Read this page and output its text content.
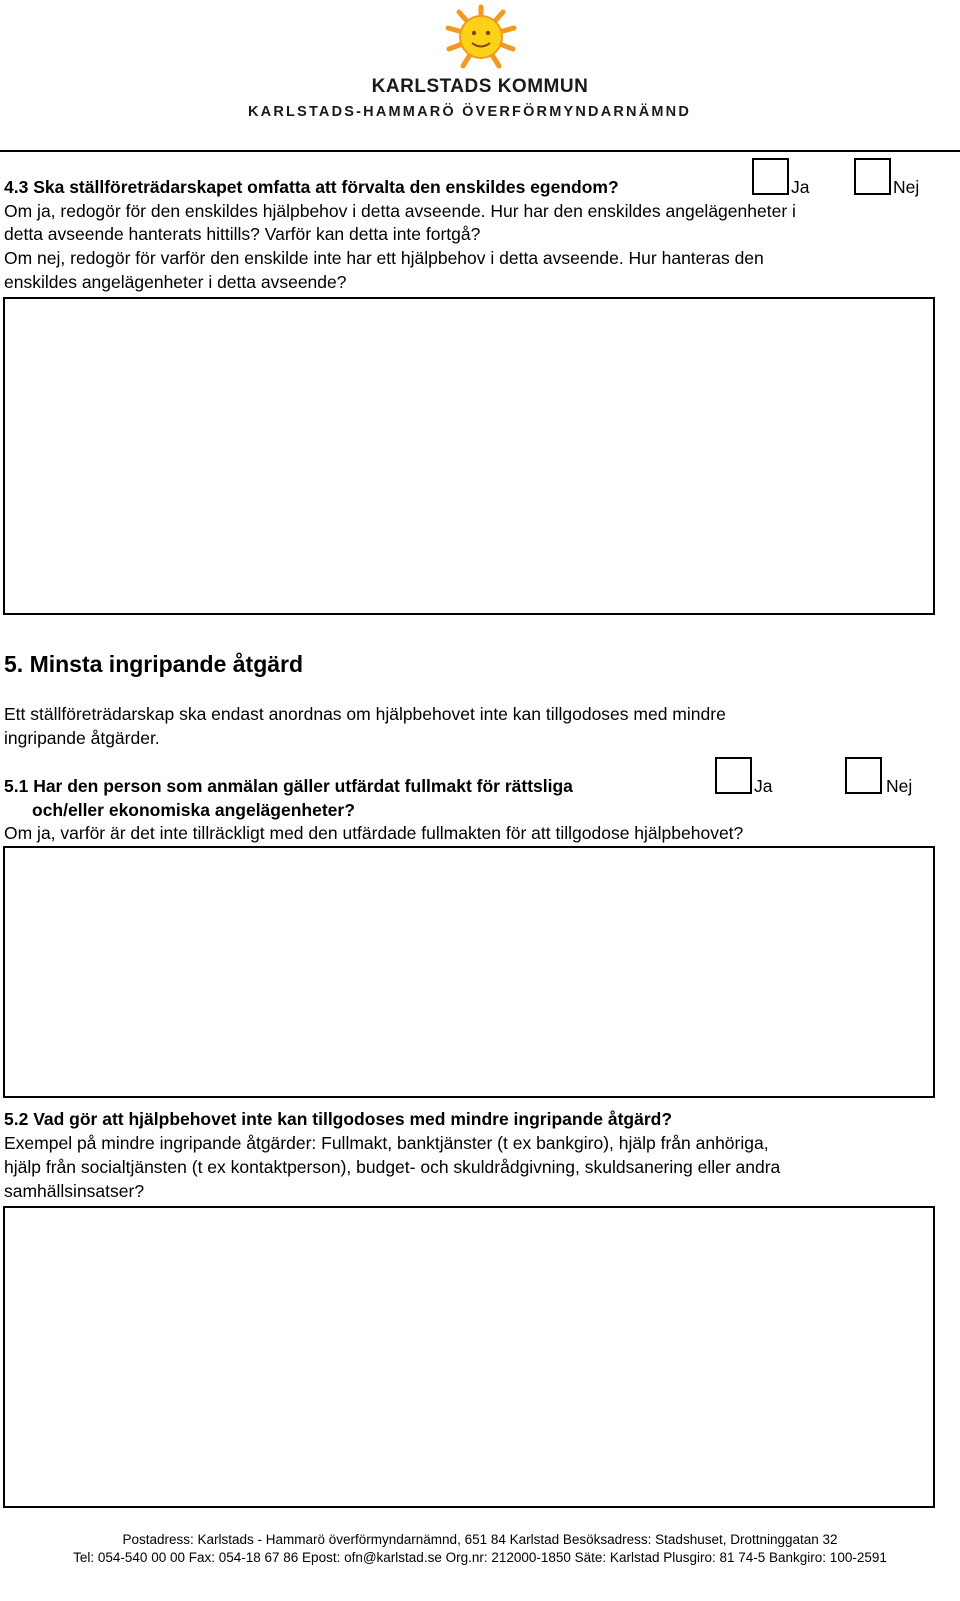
KARLSTADS KOMMUN
KARLSTADS-HAMMARÖ ÖVERFÖRMYNDARNÄMND
4.3 Ska ställföreträdarskapet omfatta att förvalta den enskildes egendom?	Ja	Nej
Om ja, redogör för den enskildes hjälpbehov i detta avseende. Hur har den enskildes angelägenheter i
detta avseende hanterats hittills? Varför kan detta inte fortgå?
Om nej, redogör för varför den enskilde inte har ett hjälpbehov i detta avseende. Hur hanteras den
enskildes angelägenheter i detta avseende?
5. Minsta ingripande åtgärd
Ett ställföreträdarskap ska endast anordnas om hjälpbehovet inte kan tillgodoses med mindre
ingripande åtgärder.
5.1 Har den person som anmälan gäller utfärdat fullmakt för rättsliga
och/eller ekonomiska angelägenheter?
Ja	Nej
Om ja, varför är det inte tillräckligt med den utfärdade fullmakten för att tillgodose hjälpbehovet?
5.2 Vad gör att hjälpbehovet inte kan tillgodoses med mindre ingripande åtgärd?
Exempel på mindre ingripande åtgärder: Fullmakt, banktjänster (t ex bankgiro), hjälp från anhöriga,
hjälp från socialtjänsten (t ex kontaktperson), budget- och skuldrådgivning, skuldsanering eller andra
samhällsinsatser?
Postadress: Karlstads - Hammarö överförmyndarnämnd, 651 84 Karlstad Besöksadress: Stadshuset, Drottninggatan 32
Tel: 054-540 00 00 Fax: 054-18 67 86 Epost: ofn@karlstad.se Org.nr: 212000-1850 Säte: Karlstad Plusgiro: 81 74-5 Bankgiro: 100-2591
